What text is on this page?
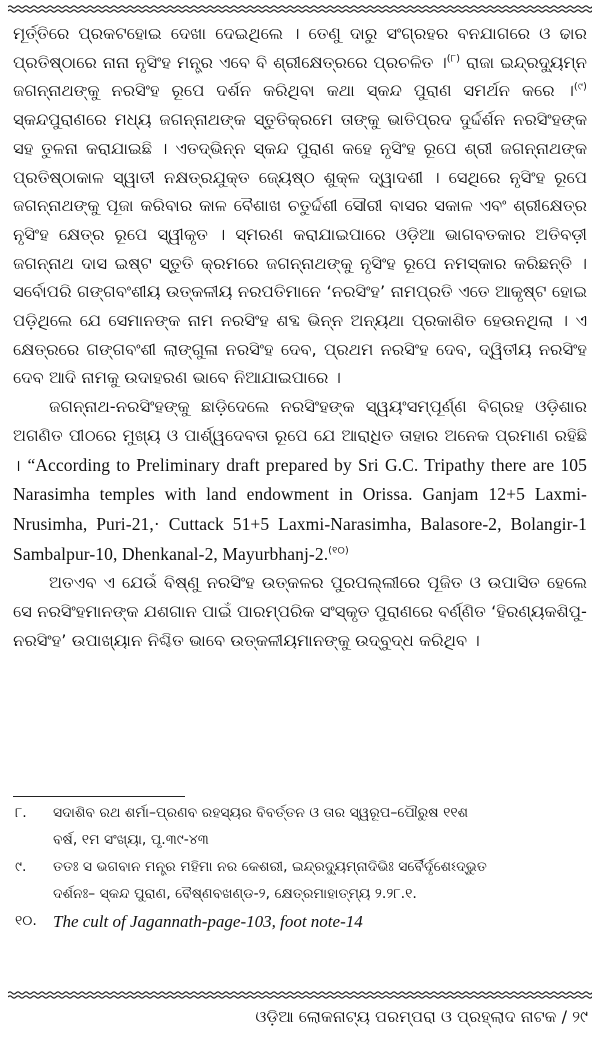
ମୂର୍ତ୍ତିରେ ପ୍ରକଟହୋଇ ଦେଖା ଦେଇଥିଲେ । ତେଣୁ ଦାରୁ ସଂଗ୍ରହର ବନଯାଗରେ ଓ ଢାର ପ୍ରତିଷ୍ଠାରେ ନାନା ନୃସିଂହ ମନ୍ତ୍ର ଏବେ ବି ଶ୍ରୀକ୍ଷେତ୍ରରେ ପ୍ରଚଳିତ ।$^{(୮)}$ ରାଜା ଇନ୍ଦ୍ରଦ୍ୟୁମ୍ନ ଜଗନ୍ନାଥଙ୍କୁ ନରସିଂହ ରୂପେ ଦର୍ଶନ କରିଥିବା କଥା ସ୍କନ୍ଦ ପୁରାଣ ସମର୍ଥନ କରେ ।$^{(୯)}$ ସ୍କନ୍ଦପୁରାଣରେ ମଧ୍ୟ ଜଗନ୍ନାଥଙ୍କ ସ୍ତୁତିକ୍ରମେ ତାଙ୍କୁ ଭାତିପ୍ରଦ ଦୁର୍ଦ୍ଦର୍ଶନ ନରସିଂହଙ୍କ ସହ ତୁଳନା କରାଯାଇଛି । ଏତଦ୍‌ଭିନ୍ନ ସ୍କନ୍ଦ ପୁରାଣ କହେ ନୃସିଂହ ରୂପେ ଶ୍ରୀ ଜଗନ୍ନାଥଙ୍କ ପ୍ରତିଷ୍ଠାକାଳ ସ୍ୱାତୀ ନକ୍ଷତ୍ରଯୁକ୍ତ ଜ୍ୟେଷ୍ଠ ଶୁକ୍ଳ ଦ୍ୱାଦଶୀ । ସେଥିରେ ନୃସିଂହ ରୂପେ ଜଗନ୍ନାଥଙ୍କୁ ପୂଜା କରିବାର କାଳ ବୈଶାଖ ଚତୁର୍ଦ୍ଦଶୀ ସୌରୀ ବାସର ସକାଳ ଏବଂ ଶ୍ରୀକ୍ଷେତ୍ର ନୃସିଂହ କ୍ଷେତ୍ର ରୂପେ ସ୍ୱୀକୃତ । ସ୍ମରଣ କରାଯାଇପାରେ ଓଡ଼ିଆ ଭାଗବତକାର ଅତିବଡ଼ୀ ଜଗନ୍ନାଥ ଦାସ ଇଷ୍ଟ ସ୍ତୁତି କ୍ରମରେ ଜଗନ୍ନାଥଙ୍କୁ ନୃସିଂହ ରୂପେ ନମସ୍କାର କରିଛନ୍ତି । ସର୍ବୋପରି ଗଙ୍ଗବଂଶୀୟ ଉତ୍କଳୀୟ ନରପତିମାନେ ‘ନରସିଂହ’ ନାମପ୍ରତି ଏତେ ଆକୃଷ୍ଟ ହୋଇ ପଡ଼ିଥିଲେ ଯେ ସେମାନଙ୍କ ନାମ ନରସିଂହ ଶବ୍ଦ ଭିନ୍ନ ଅନ୍ୟଥା ପ୍ରକାଶିତ ହେଉନଥିଲା । ଏ କ୍ଷେତ୍ରରେ ଗଙ୍ଗବଂଶୀ ଲାଙ୍ଗୁଳା ନରସିଂହ ଦେବ, ପ୍ରଥମ ନରସିଂହ ଦେବ, ଦ୍ୱିତୀୟ ନରସିଂହ ଦେବ ଆଦି ନାମକୁ ଉଦାହରଣ ଭାବେ ନିଆଯାଇପାରେ ।

ଜଗନ୍ନାଥ-ନରସିଂହଙ୍କୁ ଛାଡ଼ିଦେଲେ ନରସିଂହଙ୍କ ସ୍ୱୟଂସମ୍ପୂର୍ଣ୍ଣ ବିଗ୍ରହ ଓଡ଼ିଶାର ଅଗଣିତ ପୀଠରେ ମୁଖ୍ୟ ଓ ପାର୍ଶ୍ୱଦେବତା ରୂପେ ଯେ ଆରାଧିତ ତାହାର ଅନେକ ପ୍ରମାଣ ରହିଛି । “According to Preliminary draft prepared by Sri G.C. Tripathy there are 105 Narasimha temples with land endowment in Orissa. Ganjam 12+5 Laxmi-Nrusimha, Puri-21,· Cuttack 51+5 Laxmi-Narasimha, Balasore-2, Bolangir-1 Sambalpur-10, Dhenkanal-2, Mayurbhanj-2.$^{(୧୦)}$

ଅତଏବ ଏ ଯେଉଁ ବିଷ୍ଣୁ ନରସିଂହ ଉତ୍କଳର ପୁରପଲ୍ଲୀରେ ପୂଜିତ ଓ ଉପାସିତ ହେଲେ ସେ ନରସିଂହମାନଙ୍କ ଯଶଗାନ ପାଇଁ ପାରମ୍ପରିକ ସଂସ୍କୃତ ପୁରାଣରେ ବର୍ଣ୍ଣିତ ‘ହିରଣ୍ୟକଶିପୁ-ନରସିଂହ’ ଉପାଖ୍ୟାନ ନିଶ୍ଚିତ ଭାବେ ଉତ୍କଳୀୟମାନଙ୍କୁ ଉଦ୍‌ବୁଦ୍ଧ କରିଥିବ ।

୮.	ସଦାଶିବ ରଥ ଶର୍ମା–ପ୍ରଣବ ରହସ୍ୟର ବିବର୍ତ୍ତନ ଓ ତାର ସ୍ୱରୂପ–ପୌରୁଷ ୧୧ଶ
ବର୍ଷ, ୧ମ ସଂଖ୍ୟା, ପୃ.୩୯-୪୩
୯.	ତତଃ ସ ଭଗବାନ ମନ୍ତ୍ର ମହିମା ନର କେଶରୀ, ଇନ୍ଦ୍ରଦ୍ୟୁମ୍ନାଦିଭିଃ ସର୍ବୈର୍ଦୃଶେଽଦ୍‌ଭୁତ
ଦର୍ଶନଃ– ସ୍କନ୍ଦ ପୁରାଣ, ବୈଷ୍ଣବଖଣ୍ଡ-୨, କ୍ଷେତ୍ରମାହାତ୍ମ୍ୟ ୨.୨୮.୧.
୧୦. The cult of Jagannath-page-103, foot note-14
ଓଡ଼ିଆ ଲୋକନାଟ୍ୟ ପରମ୍ପରା ଓ ପ୍ରହ୍ଲାଦ ନାଟକ / ୨୯
